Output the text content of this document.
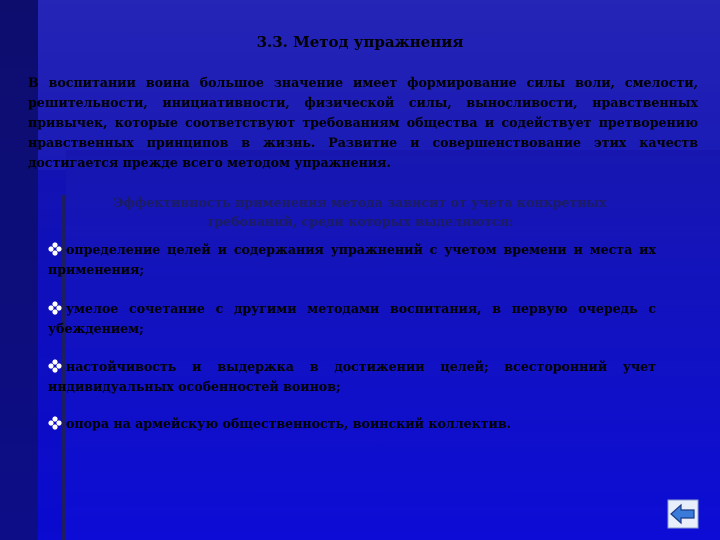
3.3. Метод упражнения
В воспитании воина большое значение имеет формирование силы воли, смелости, решительности, инициативности, физической силы, выносливости, нравственных привычек, которые соответствуют требованиям общества и содействует претворению нравственных принципов в жизнь. Развитие и совершенствование этих качеств достигается прежде всего методом упражнения.
Эффективность применения метода зависит от учета конкретных требований, среди которых выделяются:
определение целей и содержания упражнений с учетом времени и места их применения;
умелое сочетание с другими методами воспитания, в первую очередь с убеждением;
настойчивость и выдержка в достижении целей; всесторонний учет индивидуальных особенностей воинов;
опора на армейскую общественность, воинский коллектив.
